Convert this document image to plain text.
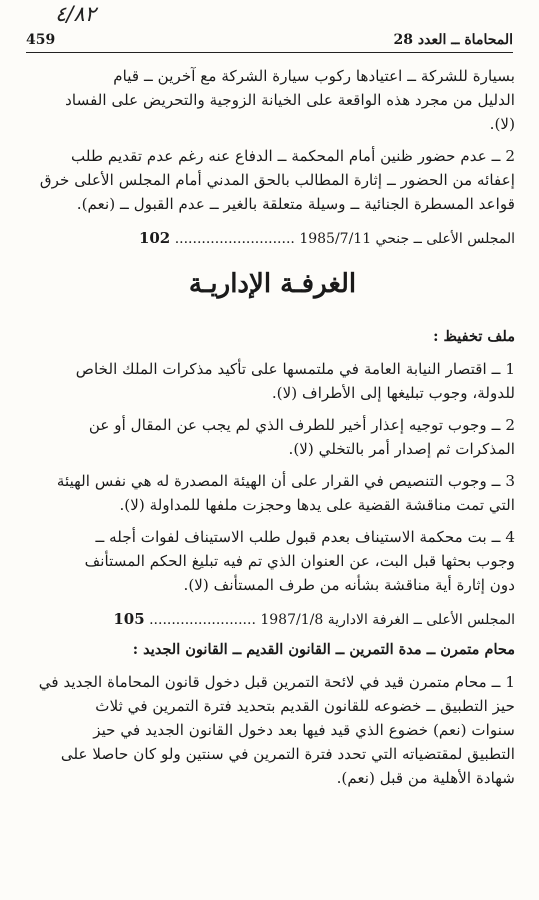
٤/٨٢
459	المحاماة ــ العدد 28

بسيارة للشركة ــ اعتيادها ركوب سيارة الشركة مع آخرين ــ قيام

الدليل من مجرد هذه الواقعة على الخيانة الزوجية والتحريض على الفساد

(لا).

2 ــ عدم حضور ظنين أمام المحكمة ــ الدفاع عنه رغم عدم تقديم طلب

إعفائه من الحضور ــ إثارة المطالب بالحق المدني أمام المجلس الأعلى خرق

قواعد المسطرة الجنائية ــ وسيلة متعلقة بالغير ــ عدم القبول ــ (نعم).

المجلس الأعلى ــ جنحي 1985/7/11 ........................... 102

الغرفـة الإداريـة

ملف تخفيظ :

1 ــ اقتصار النيابة العامة في ملتمسها على تأكيد مذكرات الملك الخاص

للدولة، وجوب تبليغها إلى الأطراف (لا).

2 ــ وجوب توجيه إعذار أخير للطرف الذي لم يجب عن المقال أو عن

المذكرات ثم إصدار أمر بالتخلي (لا).

3 ــ وجوب التنصيص في القرار على أن الهيئة المصدرة له هي نفس الهيئة

التي تمت مناقشة القضية على يدها وحجزت ملفها للمداولة (لا).

4 ــ بت محكمة الاستيناف بعدم قبول طلب الاستيناف لفوات أجله ــ

وجوب بحثها قبل البت، عن العنوان الذي تم فيه تبليغ الحكم المستأنف

دون إثارة أية مناقشة بشأنه من طرف المستأنف (لا).

المجلس الأعلى ــ الغرفة الادارية 1987/1/8 ........................ 105

محام متمرن ــ مدة التمرين ــ القانون القديم ــ القانون الجديد :

1 ــ محام متمرن قيد في لائحة التمرين قبل دخول قانون المحاماة الجديد في

حيز التطبيق ــ خضوعه للقانون القديم بتحديد فترة التمرين في ثلاث

سنوات (نعم) خضوع الذي قيد فيها بعد دخول القانون الجديد في حيز

التطبيق لمقتضياته التي تحدد فترة التمرين في سنتين ولو كان حاصلا على

شهادة الأهلية من قبل (نعم).
